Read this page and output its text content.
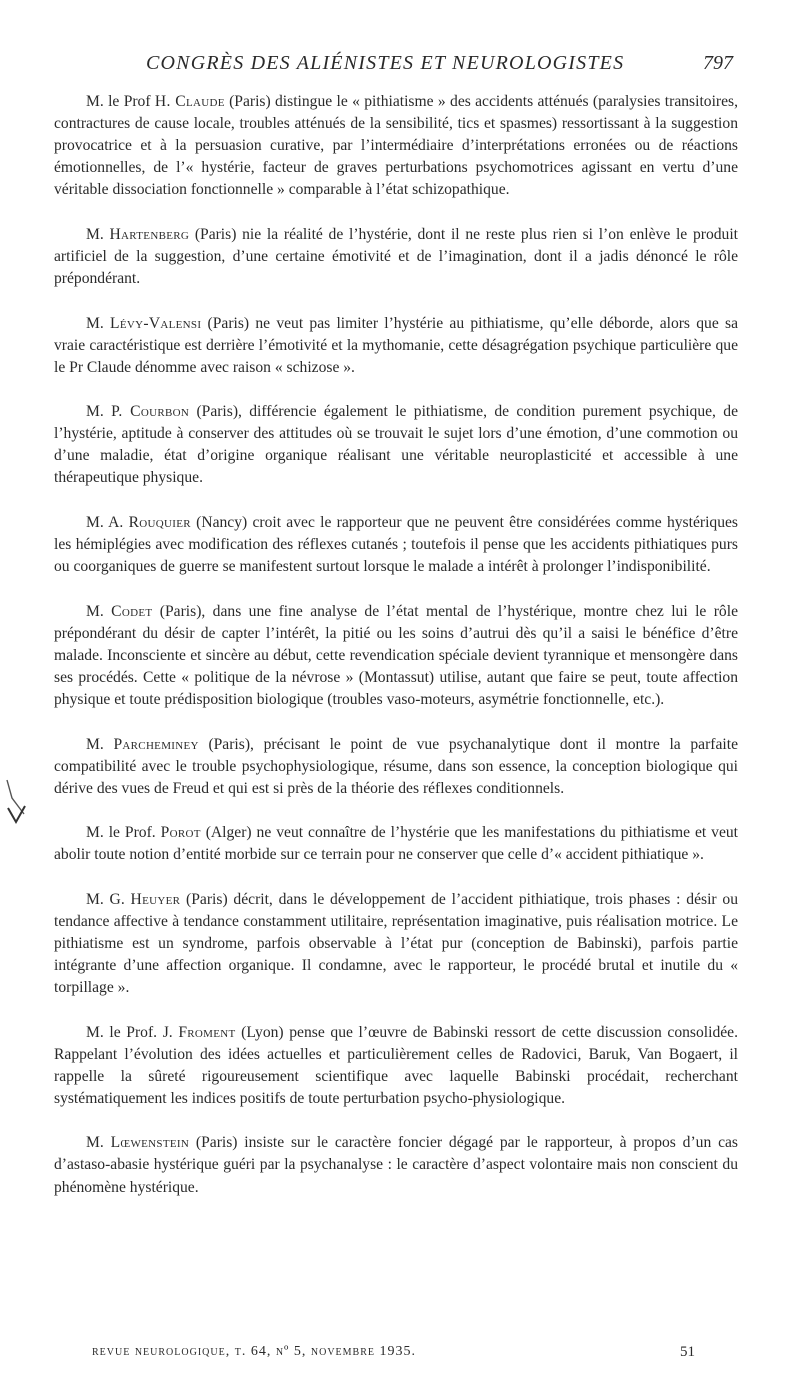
CONGRÈS DES ALIÉNISTES ET NEUROLOGISTES	797

M. le Prof H. Claude (Paris) distingue le « pithiatisme » des accidents atténués (paralysies transitoires, contractures de cause locale, troubles atténués de la sensibilité, tics et spasmes) ressortissant à la suggestion provocatrice et à la persuasion curative, par l’intermédiaire d’interprétations erronées ou de réactions émotionnelles, de l’« hystérie, facteur de graves perturbations psychomotrices agissant en vertu d’une véritable dissociation fonctionnelle » comparable à l’état schizopathique.

M. Hartenberg (Paris) nie la réalité de l’hystérie, dont il ne reste plus rien si l’on enlève le produit artificiel de la suggestion, d’une certaine émotivité et de l’imagination, dont il a jadis dénoncé le rôle prépondérant.

M. Lévy-Valensi (Paris) ne veut pas limiter l’hystérie au pithiatisme, qu’elle déborde, alors que sa vraie caractéristique est derrière l’émotivité et la mythomanie, cette désagrégation psychique particulière que le Pr Claude dénomme avec raison « schizose ».

M. P. Courbon (Paris), différencie également le pithiatisme, de condition purement psychique, de l’hystérie, aptitude à conserver des attitudes où se trouvait le sujet lors d’une émotion, d’une commotion ou d’une maladie, état d’origine organique réalisant une véritable neuroplasticité et accessible à une thérapeutique physique.

M. A. Rouquier (Nancy) croit avec le rapporteur que ne peuvent être considérées comme hystériques les hémiplégies avec modification des réflexes cutanés ; toutefois il pense que les accidents pithiatiques purs ou coorganiques de guerre se manifestent surtout lorsque le malade a intérêt à prolonger l’indisponibilité.

M. Codet (Paris), dans une fine analyse de l’état mental de l’hystérique, montre chez lui le rôle prépondérant du désir de capter l’intérêt, la pitié ou les soins d’autrui dès qu’il a saisi le bénéfice d’être malade. Inconsciente et sincère au début, cette revendication spéciale devient tyrannique et mensongère dans ses procédés. Cette « politique de la névrose » (Montassut) utilise, autant que faire se peut, toute affection physique et toute prédisposition biologique (troubles vaso-moteurs, asymétrie fonctionnelle, etc.).

M. Parcheminey (Paris), précisant le point de vue psychanalytique dont il montre la parfaite compatibilité avec le trouble psychophysiologique, résume, dans son essence, la conception biologique qui dérive des vues de Freud et qui est si près de la théorie des réflexes conditionnels.

M. le Prof. Porot (Alger) ne veut connaître de l’hystérie que les manifestations du pithiatisme et veut abolir toute notion d’entité morbide sur ce terrain pour ne conserver que celle d’« accident pithiatique ».

M. G. Heuyer (Paris) décrit, dans le développement de l’accident pithiatique, trois phases : désir ou tendance affective à tendance constamment utilitaire, représentation imaginative, puis réalisation motrice. Le pithiatisme est un syndrome, parfois observable à l’état pur (conception de Babinski), parfois partie intégrante d’une affection organique. Il condamne, avec le rapporteur, le procédé brutal et inutile du « torpillage ».

M. le Prof. J. Froment (Lyon) pense que l’œuvre de Babinski ressort de cette discussion consolidée. Rappelant l’évolution des idées actuelles et particulièrement celles de Radovici, Baruk, Van Bogaert, il rappelle la sûreté rigoureusement scientifique avec laquelle Babinski procédait, recherchant systématiquement les indices positifs de toute perturbation psycho-physiologique.

M. Lœwenstein (Paris) insiste sur le caractère foncier dégagé par le rapporteur, à propos d’un cas d’astaso-abasie hystérique guéri par la psychanalyse : le caractère d’aspect volontaire mais non conscient du phénomène hystérique.

revue neurologique, t. 64, nº 5, novembre 1935.	51
